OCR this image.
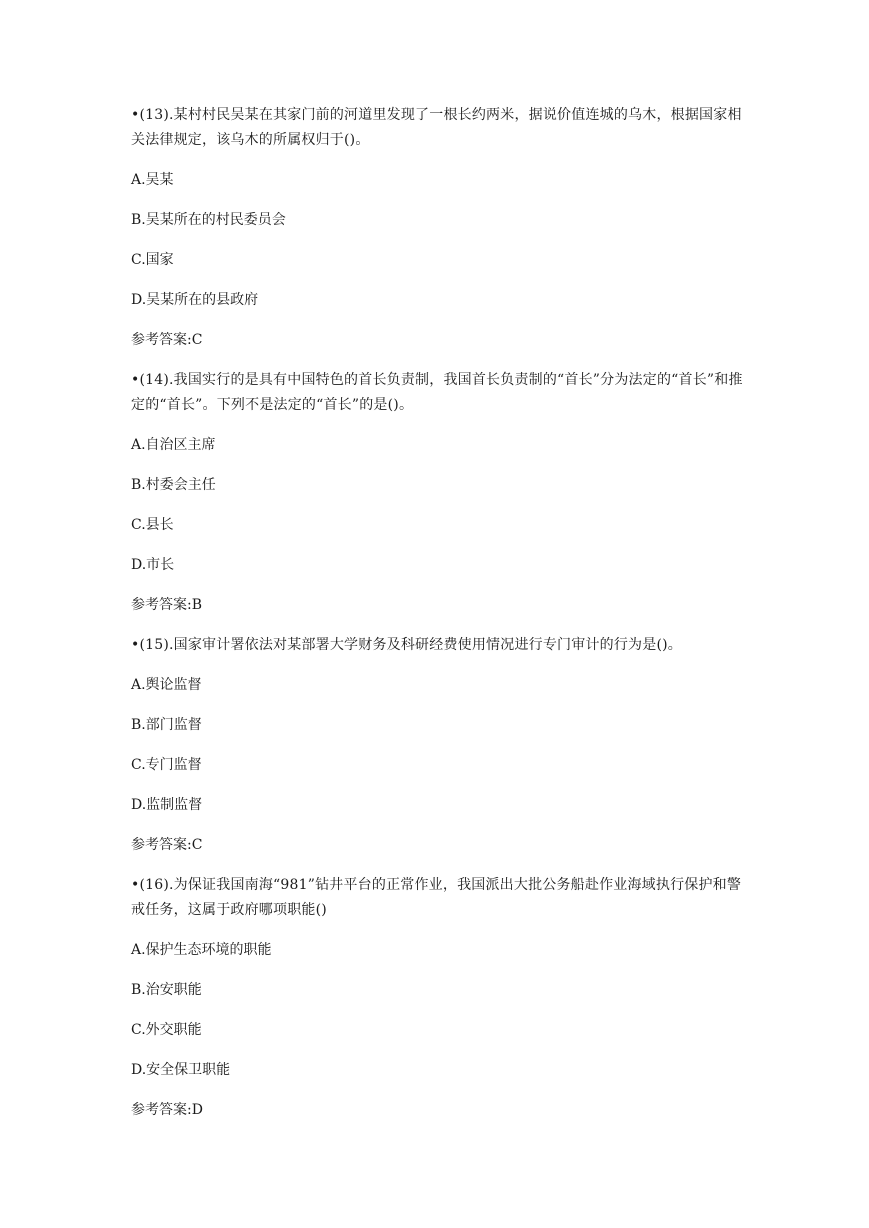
•(13).某村村民吴某在其家门前的河道里发现了一根长约两米，据说价值连城的乌木，根据国家相关法律规定，该乌木的所属权归于()。

A.吴某

B.吴某所在的村民委员会

C.国家

D.吴某所在的县政府

参考答案:C

•(14).我国实行的是具有中国特色的首长负责制，我国首长负责制的“首长”分为法定的“首长”和推定的“首长”。下列不是法定的“首长”的是()。

A.自治区主席

B.村委会主任

C.县长

D.市长

参考答案:B

•(15).国家审计署依法对某部署大学财务及科研经费使用情况进行专门审计的行为是()。

A.舆论监督

B.部门监督

C.专门监督

D.监制监督

参考答案:C

•(16).为保证我国南海“981”钻井平台的正常作业，我国派出大批公务船赴作业海域执行保护和警戒任务，这属于政府哪项职能()

A.保护生态环境的职能

B.治安职能

C.外交职能

D.安全保卫职能

参考答案:D
